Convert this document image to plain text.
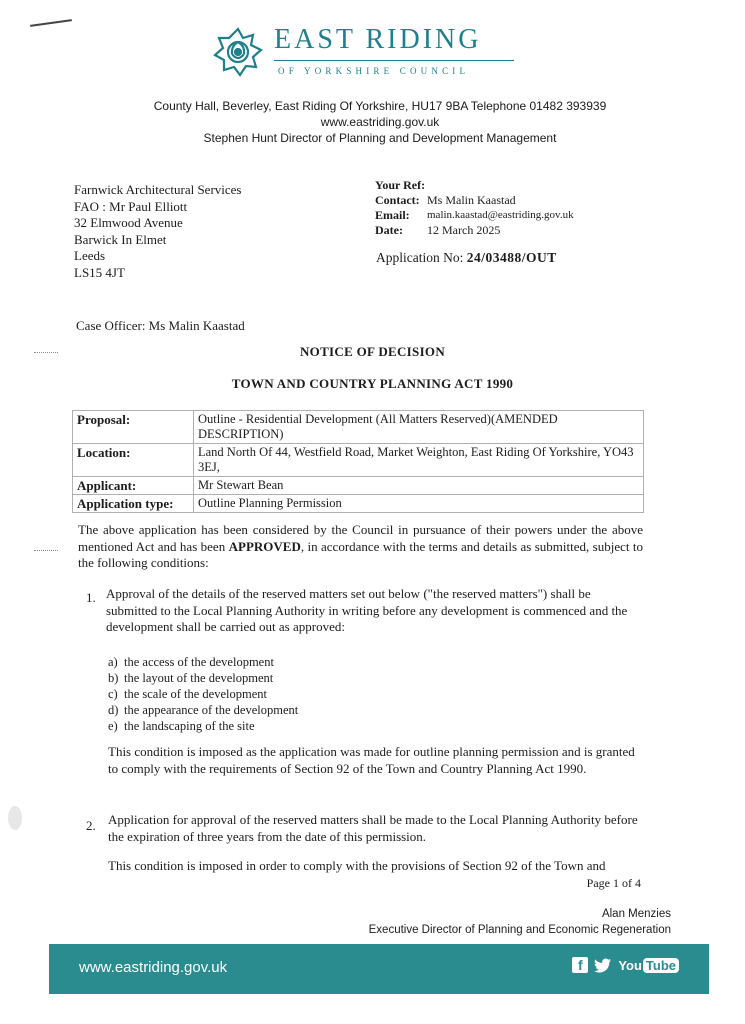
EAST RIDING
OF YORKSHIRE COUNCIL
County Hall, Beverley, East Riding Of Yorkshire, HU17 9BA Telephone 01482 393939
www.eastriding.gov.uk
Stephen Hunt Director of Planning and Development Management
Farnwick Architectural Services
FAO : Mr Paul Elliott
32 Elmwood Avenue
Barwick In Elmet
Leeds
LS15 4JT
Your Ref:
Contact: Ms Malin Kaastad
Email:	malin.kaastad@eastriding.gov.uk
Date:	12 March 2025
Application No: 24/03488/OUT
Case Officer: Ms Malin Kaastad
NOTICE OF DECISION
TOWN AND COUNTRY PLANNING ACT 1990
Proposal:	Outline - Residential Development (All Matters Reserved)(AMENDED DESCRIPTION)
Location:	Land North Of 44, Westfield Road, Market Weighton, East Riding Of Yorkshire, YO43 3EJ,
Applicant:	Mr Stewart Bean
Application type:	Outline Planning Permission
The above application has been considered by the Council in pursuance of their powers under the above mentioned Act and has been APPROVED, in accordance with the terms and details as submitted, subject to the following conditions:
1. Approval of the details of the reserved matters set out below ("the reserved matters") shall be submitted to the Local Planning Authority in writing before any development is commenced and the development shall be carried out as approved:
a) the access of the development
b) the layout of the development
c) the scale of the development
d) the appearance of the development
e) the landscaping of the site
This condition is imposed as the application was made for outline planning permission and is granted to comply with the requirements of Section 92 of the Town and Country Planning Act 1990.
2. Application for approval of the reserved matters shall be made to the Local Planning Authority before the expiration of three years from the date of this permission.
This condition is imposed in order to comply with the provisions of Section 92 of the Town and
Page 1 of 4
Alan Menzies
Executive Director of Planning and Economic Regeneration
www.eastriding.gov.uk	f	You Tube
